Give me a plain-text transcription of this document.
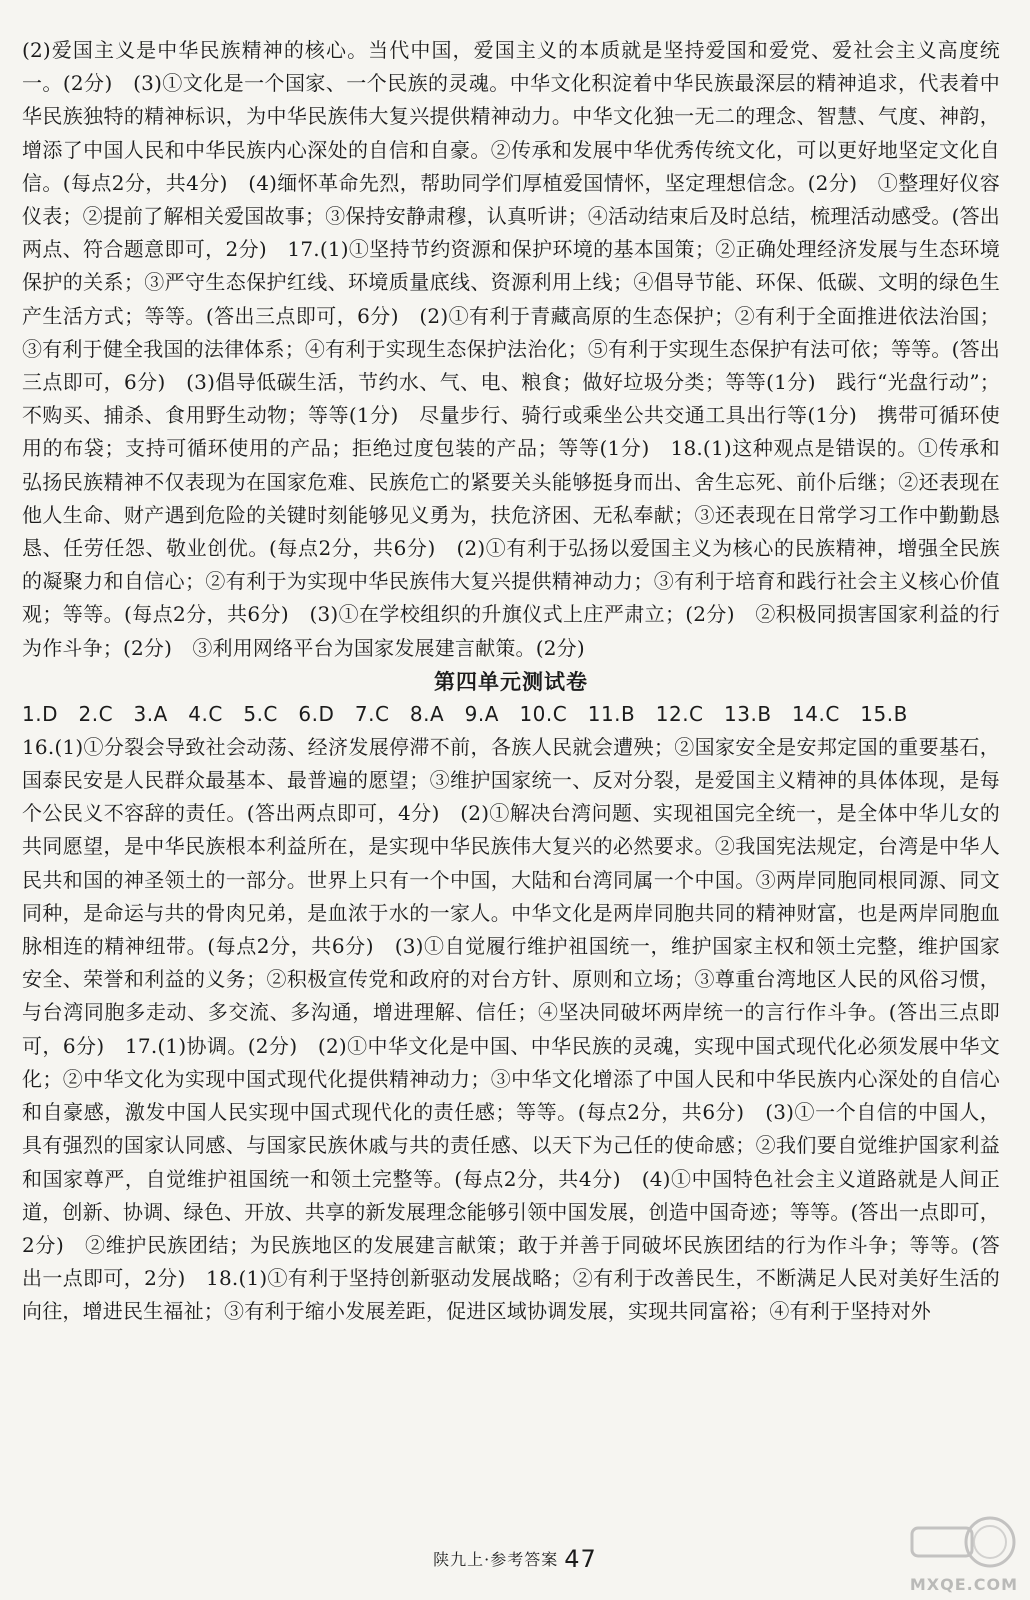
(2)爱国主义是中华民族精神的核心。当代中国，爱国主义的本质就是坚持爱国和爱党、爱社会主义高度统一。(2分)　(3)①文化是一个国家、一个民族的灵魂。中华文化积淀着中华民族最深层的精神追求，代表着中华民族独特的精神标识，为中华民族伟大复兴提供精神动力。中华文化独一无二的理念、智慧、气度、神韵，增添了中国人民和中华民族内心深处的自信和自豪。②传承和发展中华优秀传统文化，可以更好地坚定文化自信。(每点2分，共4分)　(4)缅怀革命先烈，帮助同学们厚植爱国情怀，坚定理想信念。(2分)　①整理好仪容仪表；②提前了解相关爱国故事；③保持安静肃穆，认真听讲；④活动结束后及时总结，梳理活动感受。(答出两点、符合题意即可，2分)　17.(1)①坚持节约资源和保护环境的基本国策；②正确处理经济发展与生态环境保护的关系；③严守生态保护红线、环境质量底线、资源利用上线；④倡导节能、环保、低碳、文明的绿色生产生活方式；等等。(答出三点即可，6分)　(2)①有利于青藏高原的生态保护；②有利于全面推进依法治国；③有利于健全我国的法律体系；④有利于实现生态保护法治化；⑤有利于实现生态保护有法可依；等等。(答出三点即可，6分)　(3)倡导低碳生活，节约水、气、电、粮食；做好垃圾分类；等等(1分)　践行“光盘行动”；不购买、捕杀、食用野生动物；等等(1分)　尽量步行、骑行或乘坐公共交通工具出行等(1分)　携带可循环使用的布袋；支持可循环使用的产品；拒绝过度包装的产品；等等(1分)　18.(1)这种观点是错误的。①传承和弘扬民族精神不仅表现为在国家危难、民族危亡的紧要关头能够挺身而出、舍生忘死、前仆后继；②还表现在他人生命、财产遇到危险的关键时刻能够见义勇为，扶危济困、无私奉献；③还表现在日常学习工作中勤勤恳恳、任劳任怨、敬业创优。(每点2分，共6分)　(2)①有利于弘扬以爱国主义为核心的民族精神，增强全民族的凝聚力和自信心；②有利于为实现中华民族伟大复兴提供精神动力；③有利于培育和践行社会主义核心价值观；等等。(每点2分，共6分)　(3)①在学校组织的升旗仪式上庄严肃立；(2分)　②积极同损害国家利益的行为作斗争；(2分)　③利用网络平台为国家发展建言献策。(2分)

第四单元测试卷

1.D　2.C　3.A　4.C　5.C　6.D　7.C　8.A　9.A　10.C　11.B　12.C　13.B　14.C　15.B

16.(1)①分裂会导致社会动荡、经济发展停滞不前，各族人民就会遭殃；②国家安全是安邦定国的重要基石，国泰民安是人民群众最基本、最普遍的愿望；③维护国家统一、反对分裂，是爱国主义精神的具体体现，是每个公民义不容辞的责任。(答出两点即可，4分)　(2)①解决台湾问题、实现祖国完全统一，是全体中华儿女的共同愿望，是中华民族根本利益所在，是实现中华民族伟大复兴的必然要求。②我国宪法规定，台湾是中华人民共和国的神圣领土的一部分。世界上只有一个中国，大陆和台湾同属一个中国。③两岸同胞同根同源、同文同种，是命运与共的骨肉兄弟，是血浓于水的一家人。中华文化是两岸同胞共同的精神财富，也是两岸同胞血脉相连的精神纽带。(每点2分，共6分)　(3)①自觉履行维护祖国统一，维护国家主权和领土完整，维护国家安全、荣誉和利益的义务；②积极宣传党和政府的对台方针、原则和立场；③尊重台湾地区人民的风俗习惯，与台湾同胞多走动、多交流、多沟通，增进理解、信任；④坚决同破坏两岸统一的言行作斗争。(答出三点即可，6分)　17.(1)协调。(2分)　(2)①中华文化是中国、中华民族的灵魂，实现中国式现代化必须发展中华文化；②中华文化为实现中国式现代化提供精神动力；③中华文化增添了中国人民和中华民族内心深处的自信心和自豪感，激发中国人民实现中国式现代化的责任感；等等。(每点2分，共6分)　(3)①一个自信的中国人，具有强烈的国家认同感、与国家民族休戚与共的责任感、以天下为己任的使命感；②我们要自觉维护国家利益和国家尊严，自觉维护祖国统一和领土完整等。(每点2分，共4分)　(4)①中国特色社会主义道路就是人间正道，创新、协调、绿色、开放、共享的新发展理念能够引领中国发展，创造中国奇迹；等等。(答出一点即可，2分)　②维护民族团结；为民族地区的发展建言献策；敢于并善于同破坏民族团结的行为作斗争；等等。(答出一点即可，2分)　18.(1)①有利于坚持创新驱动发展战略；②有利于改善民生，不断满足人民对美好生活的向往，增进民生福祉；③有利于缩小发展差距，促进区域协调发展，实现共同富裕；④有利于坚持对外

陕九上·参考答案 47
MXQE.COM
